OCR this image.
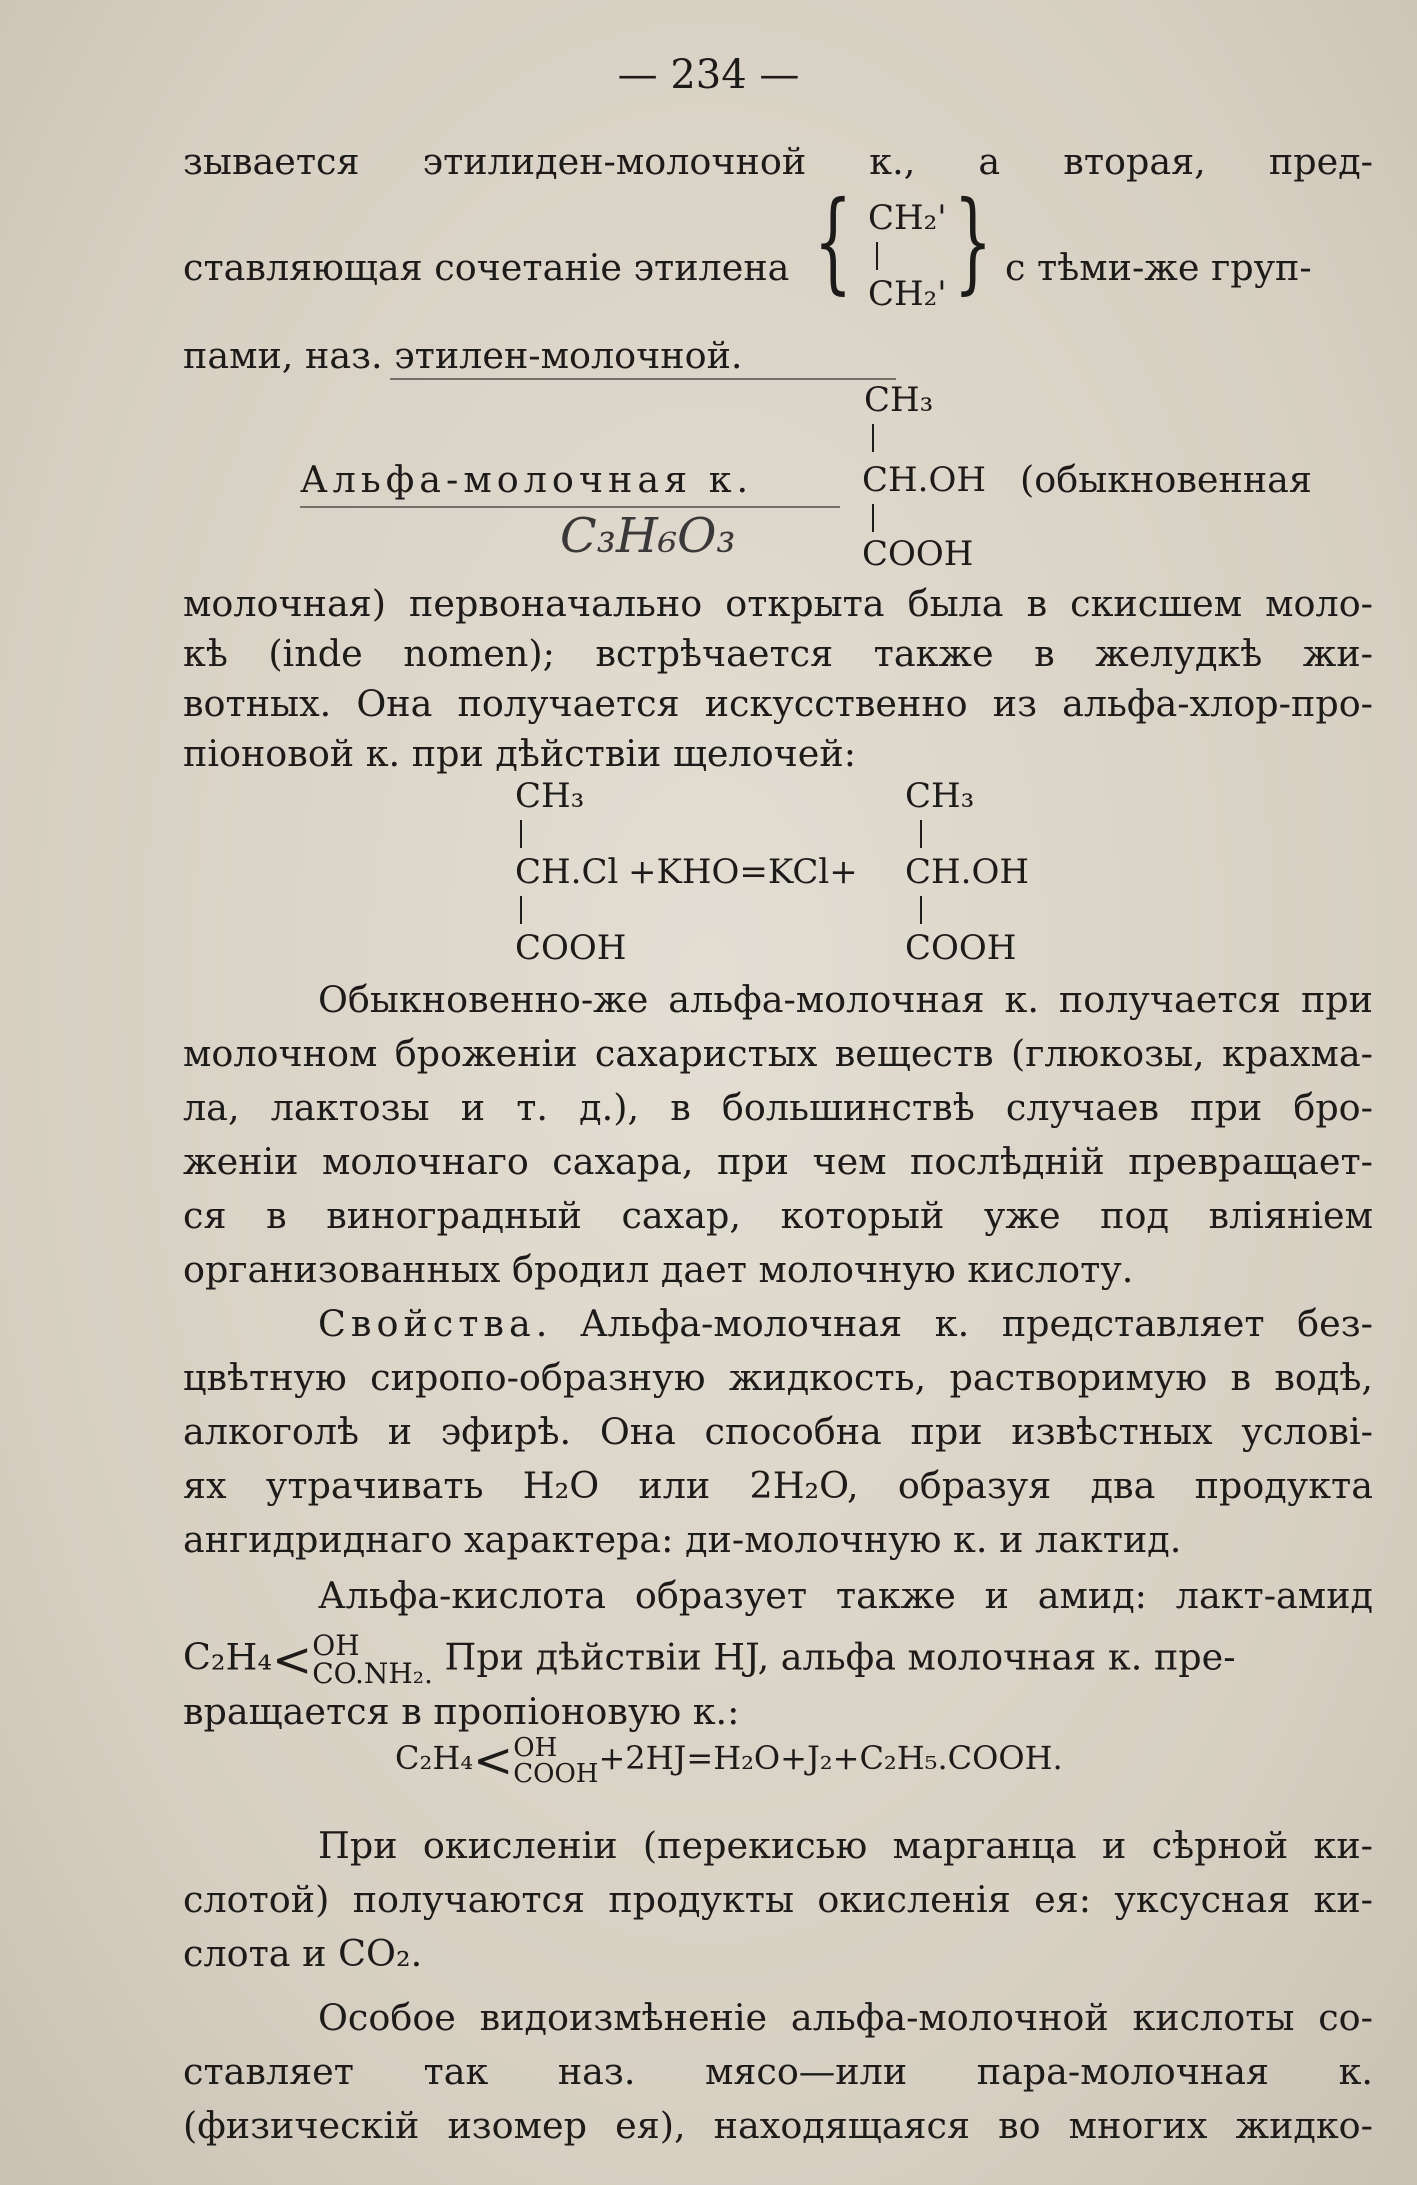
— 234 —
зывается этилиден-молочной к., а вторая, пред-
ставляющая сочетаніе этилена { CH₂'
CH₂' } с тѣми-же груп-
пами, наз. этилен-молочной.
CH₃
Альфа-молочная к.	CH.OH (обыкновенная
COOH
C₃H₆O₃
молочная) первоначально открыта была в скисшем моло-
кѣ (inde nomen); встрѣчается также в желудкѣ жи-
вотных. Она получается искусственно из альфа-хлор-про-
піоновой к. при дѣйствіи щелочей:
CH₃
CH.Cl
COOH
+KHO=KCl+
CH₃
CH.OH
COOH
Обыкновенно-же альфа-молочная к. получается при
молочном броженіи сахаристых веществ (глюкозы, крахма-
ла, лактозы и т. д.), в большинствѣ случаев при бро-
женіи молочнаго сахара, при чем послѣдній превращает-
ся в виноградный сахар, который уже под вліяніем
организованных бродил дает молочную кислоту.
Свойства. Альфа-молочная к. представляет без-
цвѣтную сиропо-образную жидкость, растворимую в водѣ,
алкоголѣ и эфирѣ. Она способна при извѣстных услові-
ях утрачивать H₂O или 2H₂O, образуя два продукта
ангидриднаго характера: ди-молочную к. и лактид.
Альфа-кислота образует также и амид: лакт-амид
C₂H₄< OH
CO.NH₂. При дѣйствіи HJ, альфа молочная к. пре-
вращается в пропіоновую к.:
C₂H₄< OH
COOH +2HJ=H₂O+J₂+C₂H₅.COOH.
При окисленіи (перекисью марганца и сѣрной ки-
слотой) получаются продукты окисленія ея: уксусная ки-
слота и CO₂.
Особое видоизмѣненіе альфа-молочной кислоты со-
ставляет так наз. мясо—или пара-молочная к.
(физическій изомер ея), находящаяся во многих жидко-
